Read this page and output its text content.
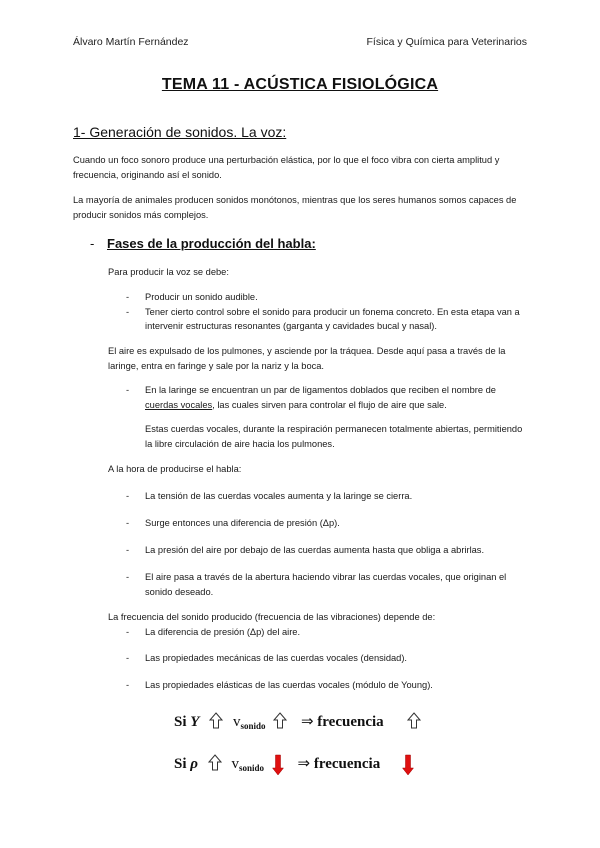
Álvaro Martín Fernández	Física y Química para Veterinarios
TEMA 11 - ACÚSTICA FISIOLÓGICA
1- Generación de sonidos. La voz:
Cuando un foco sonoro produce una perturbación elástica, por lo que el foco vibra con cierta amplitud y frecuencia, originando así el sonido.
La mayoría de animales producen sonidos monótonos, mientras que los seres humanos somos capaces de producir sonidos más complejos.
- Fases de la producción del habla:
Para producir la voz se debe:
- Producir un sonido audible.
- Tener cierto control sobre el sonido para producir un fonema concreto. En esta etapa van a intervenir estructuras resonantes (garganta y cavidades bucal y nasal).
El aire es expulsado de los pulmones, y asciende por la tráquea. Desde aquí pasa a través de la laringe, entra en faringe y sale por la nariz y la boca.
- En la laringe se encuentran un par de ligamentos doblados que reciben el nombre de cuerdas vocales, las cuales sirven para controlar el flujo de aire que sale.
Estas cuerdas vocales, durante la respiración permanecen totalmente abiertas, permitiendo la libre circulación de aire hacia los pulmones.
A la hora de producirse el habla:
- La tensión de las cuerdas vocales aumenta y la laringe se cierra.
- Surge entonces una diferencia de presión (Δp).
- La presión del aire por debajo de las cuerdas aumenta hasta que obliga a abrirlas.
- El aire pasa a través de la abertura haciendo vibrar las cuerdas vocales, que originan el sonido deseado.
La frecuencia del sonido producido (frecuencia de las vibraciones) depende de:
- La diferencia de presión (Δp) del aire.
- Las propiedades mecánicas de las cuerdas vocales (densidad).
- Las propiedades elásticas de las cuerdas vocales (módulo de Young).
Si Y $v_{sonido}$ ⇒ frecuencia
Si ρ $v_{sonido}$ ⇒ frecuencia
